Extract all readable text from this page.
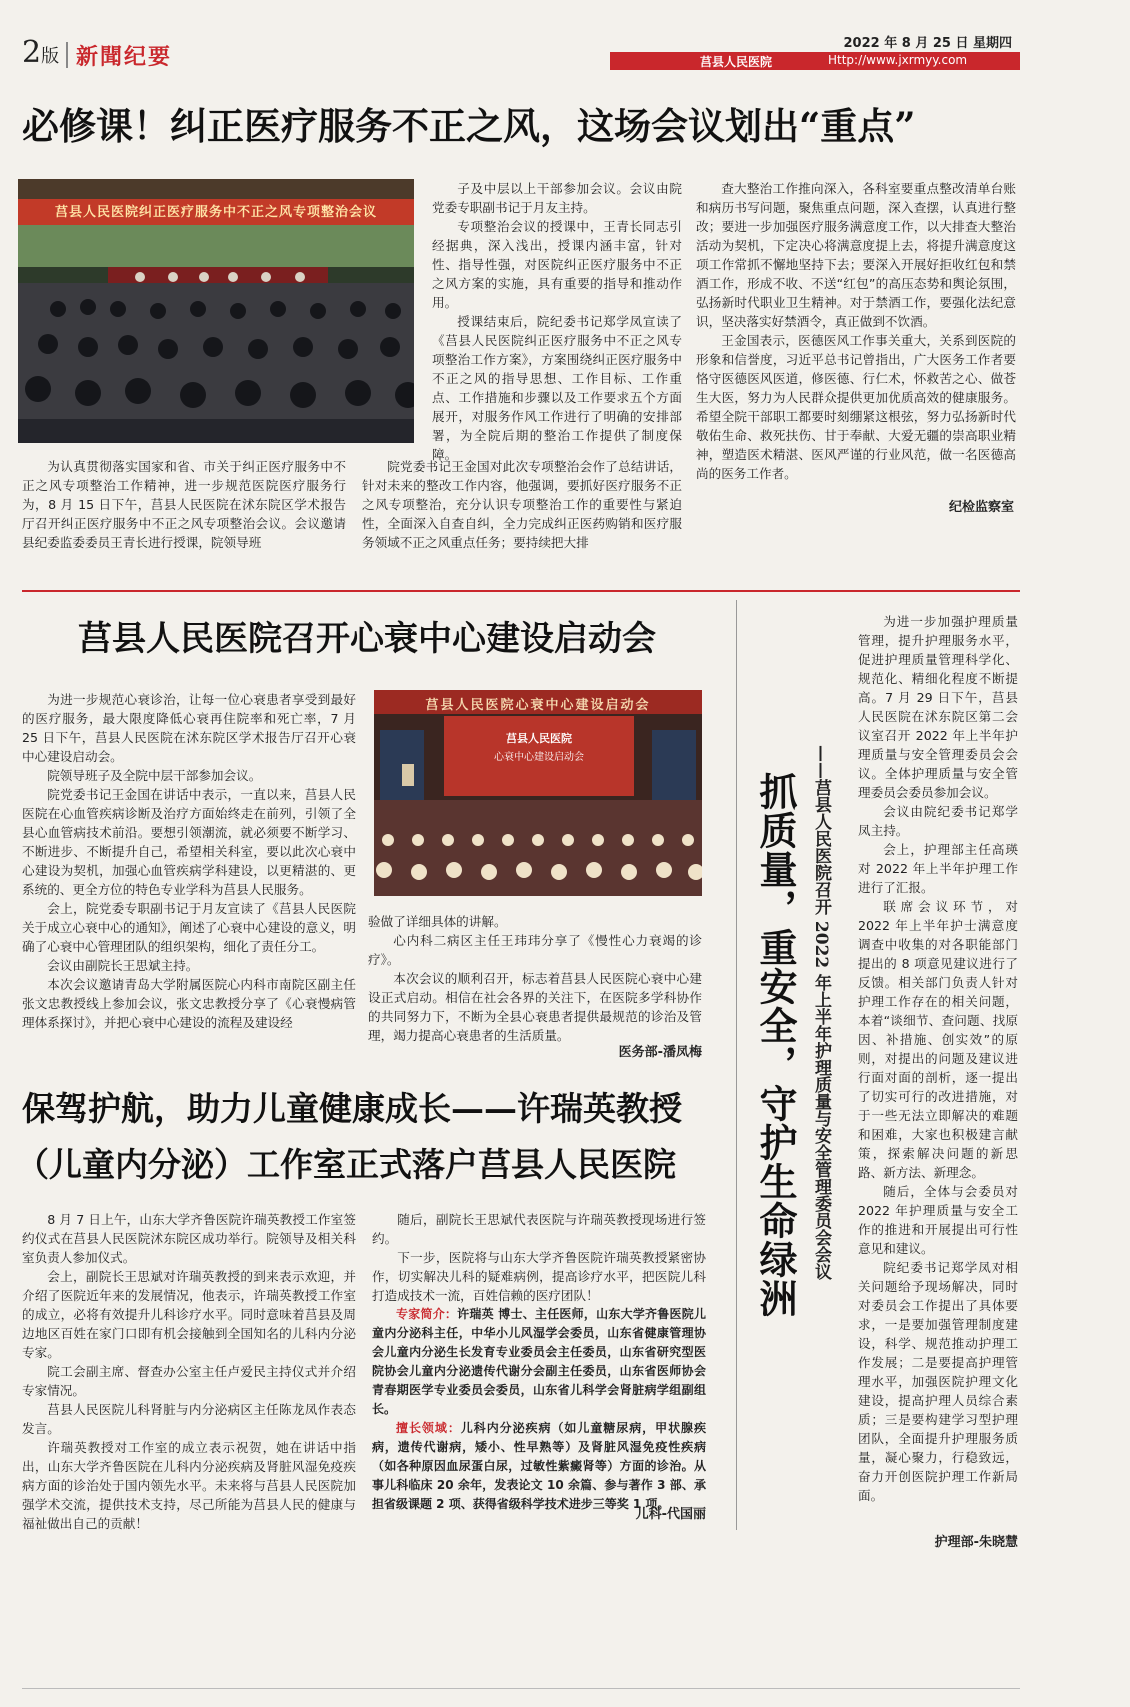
2版 新聞纪要
2022 年 8 月 25 日 星期四
莒县人民医院	Http://www.jxrmyy.com
必修课！纠正医疗服务不正之风，这场会议划出“重点”
莒县人民医院纠正医疗服务中不正之风专项整治会议

为认真贯彻落实国家和省、市关于纠正医疗服务中不正之风专项整治工作精神，进一步规范医院医疗服务行为，8 月 15 日下午，莒县人民医院在沭东院区学术报告厅召开纠正医疗服务中不正之风专项整治会议。会议邀请县纪委监委委员王青长进行授课，院领导班

子及中层以上干部参加会议。会议由院党委专职副书记于月友主持。

专项整治会议的授课中，王青长同志引经据典，深入浅出，授课内涵丰富，针对性、指导性强，对医院纠正医疗服务中不正之风方案的实施，具有重要的指导和推动作用。

授课结束后，院纪委书记郑学凤宣读了《莒县人民医院纠正医疗服务中不正之风专项整治工作方案》，方案围绕纠正医疗服务中不正之风的指导思想、工作目标、工作重点、工作措施和步骤以及工作要求五个方面展开，对服务作风工作进行了明确的安排部署，为全院后期的整治工作提供了制度保障。

院党委书记王金国对此次专项整治会作了总结讲话，针对未来的整改工作内容，他强调，要抓好医疗服务不正之风专项整治，充分认识专项整治工作的重要性与紧迫性，全面深入自查自纠，全力完成纠正医药购销和医疗服务领域不正之风重点任务；要持续把大排

查大整治工作推向深入，各科室要重点整改清单台账和病历书写问题，聚焦重点问题，深入查摆，认真进行整改；要进一步加强医疗服务满意度工作，以大排查大整治活动为契机，下定决心将满意度提上去，将提升满意度这项工作常抓不懈地坚持下去；要深入开展好拒收红包和禁酒工作，形成不收、不送“红包”的高压态势和舆论氛围，弘扬新时代职业卫生精神。对于禁酒工作，要强化法纪意识，坚决落实好禁酒令，真正做到不饮酒。

王金国表示，医德医风工作事关重大，关系到医院的形象和信誉度，习近平总书记曾指出，广大医务工作者要恪守医德医风医道，修医德、行仁术，怀救苦之心、做苍生大医，努力为人民群众提供更加优质高效的健康服务。希望全院干部职工都要时刻绷紧这根弦，努力弘扬新时代敬佑生命、救死扶伤、甘于奉献、大爱无疆的崇高职业精神，塑造医术精湛、医风严谨的行业风范，做一名医德高尚的医务工作者。

纪检监察室
莒县人民医院召开心衰中心建设启动会
莒县人民医院心衰中心建设启动会
莒县人民医院
心衰中心建设启动会

为进一步规范心衰诊治，让每一位心衰患者享受到最好的医疗服务，最大限度降低心衰再住院率和死亡率，7 月 25 日下午，莒县人民医院在沭东院区学术报告厅召开心衰中心建设启动会。

院领导班子及全院中层干部参加会议。

院党委书记王金国在讲话中表示，一直以来，莒县人民医院在心血管疾病诊断及治疗方面始终走在前列，引领了全县心血管病技术前沿。要想引领潮流，就必须要不断学习、不断进步、不断提升自己，希望相关科室，要以此次心衰中心建设为契机，加强心血管疾病学科建设，以更精湛的、更系统的、更全方位的特色专业学科为莒县人民服务。

会上，院党委专职副书记于月友宣读了《莒县人民医院关于成立心衰中心的通知》，阐述了心衰中心建设的意义，明确了心衰中心管理团队的组织架构，细化了责任分工。

会议由副院长王思斌主持。

本次会议邀请青岛大学附属医院心内科市南院区副主任张文忠教授线上参加会议，张文忠教授分享了《心衰慢病管理体系探讨》，并把心衰中心建设的流程及建设经

验做了详细具体的讲解。

心内科二病区主任王玮玮分享了《慢性心力衰竭的诊疗》。

本次会议的顺利召开，标志着莒县人民医院心衰中心建设正式启动。相信在社会各界的关注下，在医院多学科协作的共同努力下，不断为全县心衰患者提供最规范的诊治及管理，竭力提高心衰患者的生活质量。

医务部-潘凤梅
保驾护航，助力儿童健康成长——许瑞英教授
（儿童内分泌）工作室正式落户莒县人民医院

8 月 7 日上午，山东大学齐鲁医院许瑞英教授工作室签约仪式在莒县人民医院沭东院区成功举行。院领导及相关科室负责人参加仪式。

会上，副院长王思斌对许瑞英教授的到来表示欢迎，并介绍了医院近年来的发展情况，他表示，许瑞英教授工作室的成立，必将有效提升儿科诊疗水平。同时意味着莒县及周边地区百姓在家门口即有机会接触到全国知名的儿科内分泌专家。

院工会副主席、督查办公室主任卢爱民主持仪式并介绍专家情况。

莒县人民医院儿科肾脏与内分泌病区主任陈龙凤作表态发言。

许瑞英教授对工作室的成立表示祝贺，她在讲话中指出，山东大学齐鲁医院在儿科内分泌疾病及肾脏风湿免疫疾病方面的诊治处于国内领先水平。未来将与莒县人民医院加强学术交流，提供技术支持，尽己所能为莒县人民的健康与福祉做出自己的贡献！

随后，副院长王思斌代表医院与许瑞英教授现场进行签约。

下一步，医院将与山东大学齐鲁医院许瑞英教授紧密协作，切实解决儿科的疑难病例，提高诊疗水平，把医院儿科打造成技术一流，百姓信赖的医疗团队！

专家简介：许瑞英 博士、主任医师，山东大学齐鲁医院儿童内分泌科主任，中华小儿风湿学会委员，山东省健康管理协会儿童内分泌生长发育专业委员会主任委员，山东省研究型医院协会儿童内分泌遗传代谢分会副主任委员，山东省医师协会青春期医学专业委员会委员，山东省儿科学会肾脏病学组副组长。

擅长领域：儿科内分泌疾病（如儿童糖尿病，甲状腺疾病，遗传代谢病，矮小、性早熟等）及肾脏风湿免疫性疾病（如各种原因血尿蛋白尿，过敏性紫癜肾等）方面的诊治。从事儿科临床 20 余年，发表论文 10 余篇、参与著作 3 部、承担省级课题 2 项、获得省级科学技术进步三等奖 1 项。

儿科-代国丽
抓质量，重安全，守护生命绿洲 ——莒县人民医院召开 2022 年上半年护理质量与安全管理委员会会议

为进一步加强护理质量管理，提升护理服务水平，促进护理质量管理科学化、规范化、精细化程度不断提高。7 月 29 日下午，莒县人民医院在沭东院区第二会议室召开 2022 年上半年护理质量与安全管理委员会会议。全体护理质量与安全管理委员会委员参加会议。

会议由院纪委书记郑学凤主持。

会上，护理部主任高瑛对 2022 年上半年护理工作进行了汇报。

联席会议环节，对 2022 年上半年护士满意度调查中收集的对各职能部门提出的 8 项意见建议进行了反馈。相关部门负责人针对护理工作存在的相关问题，本着“谈细节、查问题、找原因、补措施、创实效”的原则，对提出的问题及建议进行面对面的剖析，逐一提出了切实可行的改进措施，对于一些无法立即解决的难题和困难，大家也积极建言献策，探索解决问题的新思路、新方法、新理念。

随后，全体与会委员对 2022 年护理质量与安全工作的推进和开展提出可行性意见和建议。

院纪委书记郑学凤对相关问题给予现场解决，同时对委员会工作提出了具体要求，一是要加强管理制度建设，科学、规范推动护理工作发展；二是要提高护理管理水平，加强医院护理文化建设，提高护理人员综合素质；三是要构建学习型护理团队，全面提升护理服务质量，凝心聚力，行稳致远，奋力开创医院护理工作新局面。

护理部-朱晓慧
